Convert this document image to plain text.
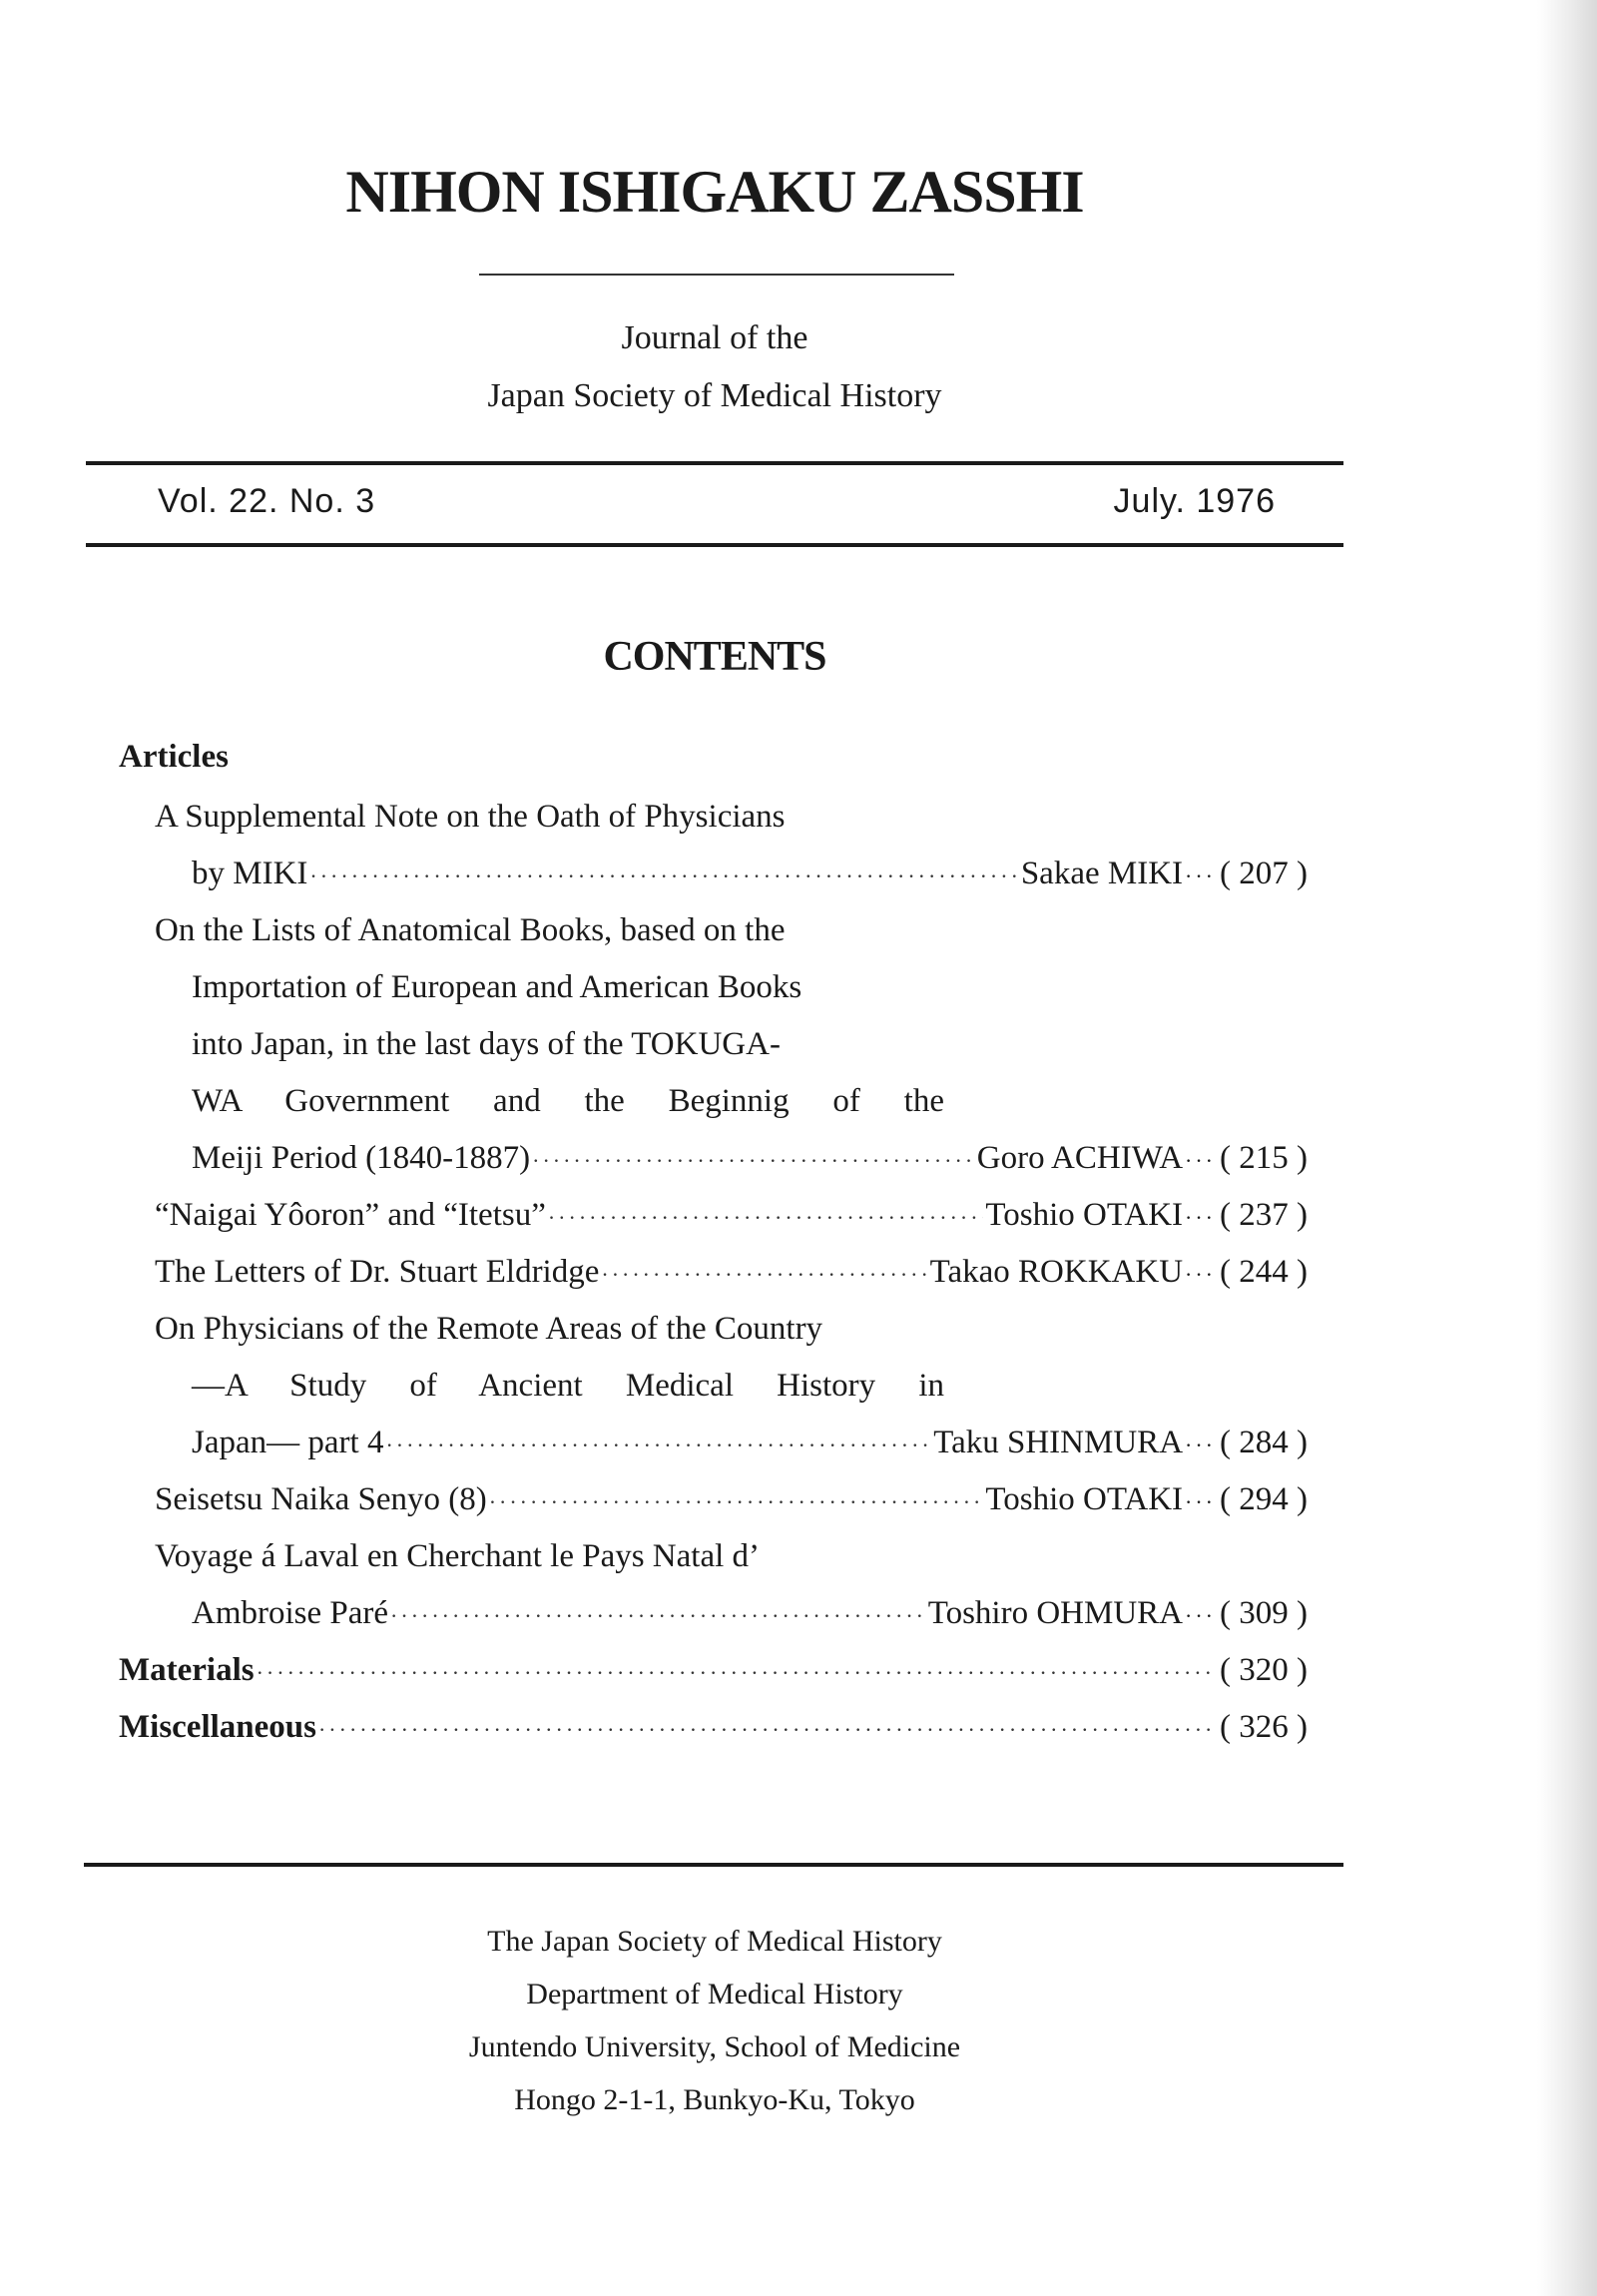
NIHON ISHIGAKU ZASSHI
Journal of the
Japan Society of Medical History
Vol. 22. No. 3	July. 1976
CONTENTS
Articles
A Supplemental Note on the Oath of Physicians
by MIKI ·····	Sakae MIKI ··· ( 207 )
On the Lists of Anatomical Books, based on the
Importation of European and American Books
into Japan, in the last days of the TOKUGA-
WA Government and the Beginnig of the
Meiji Period (1840-1887) ·····	Goro ACHIWA ··· ( 215 )
“Naigai Yôoron” and “Itetsu” ·····	Toshio OTAKI ··· ( 237 )
The Letters of Dr. Stuart Eldridge ·····	Takao ROKKAKU ··· ( 244 )
On Physicians of the Remote Areas of the Country
—A Study of Ancient Medical History in
Japan— part 4 ·····	Taku SHINMURA ··· ( 284 )
Seisetsu Naika Senyo (8) ·····	Toshio OTAKI ··· ( 294 )
Voyage á Laval en Cherchant le Pays Natal d’
Ambroise Paré ·····	Toshiro OHMURA ··· ( 309 )
Materials ·····	( 320 )
Miscellaneous ·····	( 326 )
The Japan Society of Medical History
Department of Medical History
Juntendo University, School of Medicine
Hongo 2-1-1, Bunkyo-Ku, Tokyo
